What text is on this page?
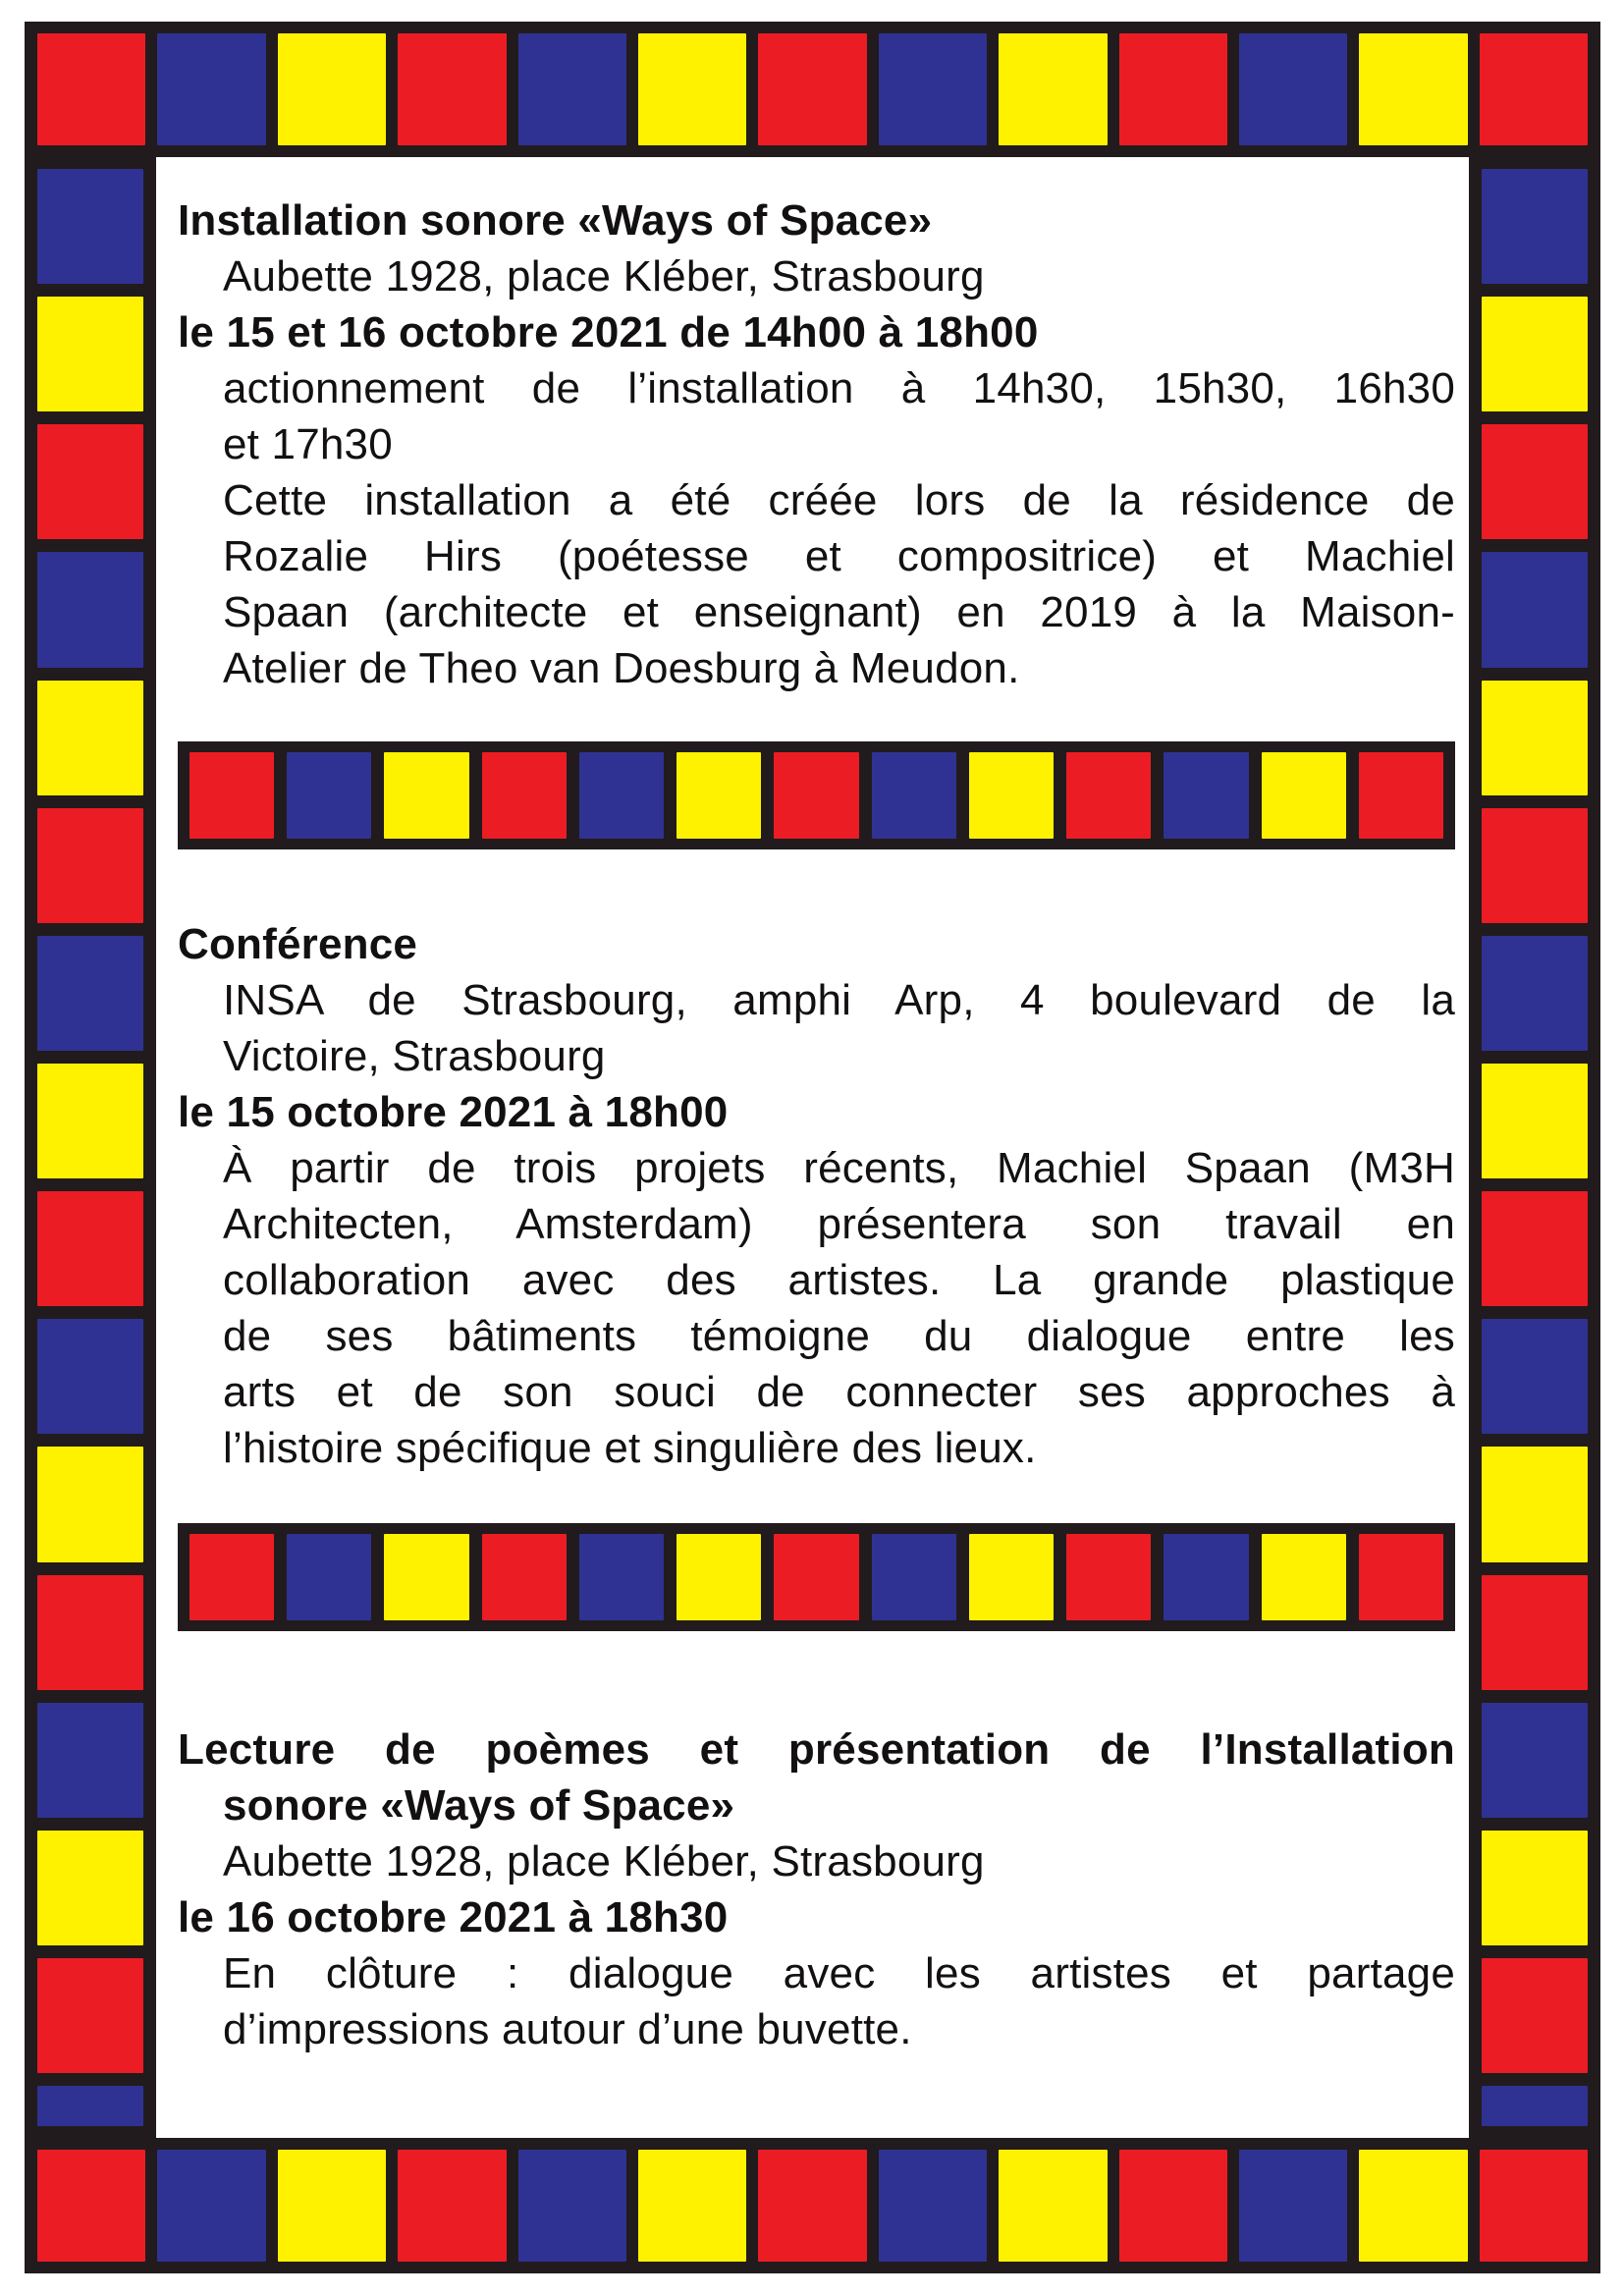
Installation sonore «Ways of Space»
Aubette 1928, place Kléber, Strasbourg
le 15 et 16 octobre 2021 de 14h00 à 18h00
actionnement de l’installation à 14h30, 15h30, 16h30
et 17h30
Cette installation a été créée lors de la résidence de
Rozalie Hirs (poétesse et compositrice) et Machiel
Spaan (architecte et enseignant) en 2019 à la Maison-
Atelier de Theo van Doesburg à Meudon.
Conférence
INSA de Strasbourg, amphi Arp, 4 boulevard de la
Victoire, Strasbourg
le 15 octobre 2021 à 18h00
À partir de trois projets récents, Machiel Spaan (M3H
Architecten, Amsterdam) présentera son travail en
collaboration avec des artistes. La grande plastique
de ses bâtiments témoigne du dialogue entre les
arts et de son souci de connecter ses approches à
l’histoire spécifique et singulière des lieux.
Lecture de poèmes et présentation de l’Installation
sonore «Ways of Space»
Aubette 1928, place Kléber, Strasbourg
le 16 octobre 2021 à 18h30
En clôture : dialogue avec les artistes et partage
d’impressions autour d’une buvette.
